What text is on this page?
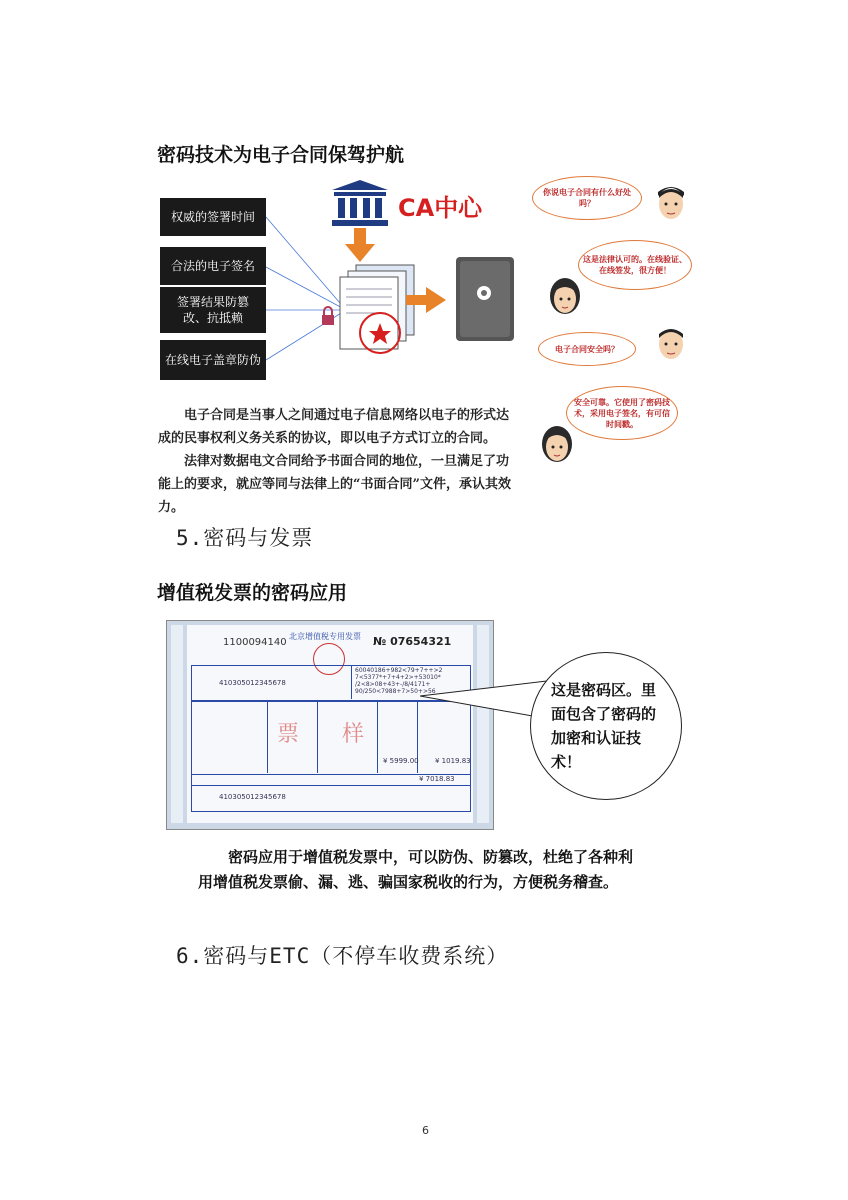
密码技术为电子合同保驾护航
CA中心
权威的签署时间
合法的电子签名
签署结果防篡改、抗抵赖
在线电子盖章防伪
你说电子合同有什么好处吗？
这是法律认可的。在线验证、在线签发，很方便！
电子合同安全吗？
安全可靠。它使用了密码技术，采用电子签名，有可信时间戳。
电子合同是当事人之间通过电子信息网络以电子的形式达成的民事权利义务关系的协议，即以电子方式订立的合同。
法律对数据电文合同给予书面合同的地位，一旦满足了功能上的要求，就应等同与法律上的“书面合同”文件，承认其效力。
5.密码与发票
增值税发票的密码应用
1100094140
北京增值税专用发票 № 07654321
410305012345678
60040186+982<79+7++>2
7<5377*+7+4+2>+53010*
/2<8>08+43+-/8/4171+
90/250<7988+7>50+>56
票 样
¥ 5999.00 ¥ 1019.83
¥ 7018.83
410305012345678
这是密码区。里面包含了密码的加密和认证技术！
密码应用于增值税发票中，可以防伪、防篡改，杜绝了各种利用增值税发票偷、漏、逃、骗国家税收的行为，方便税务稽查。
6.密码与ETC（不停车收费系统）
6
